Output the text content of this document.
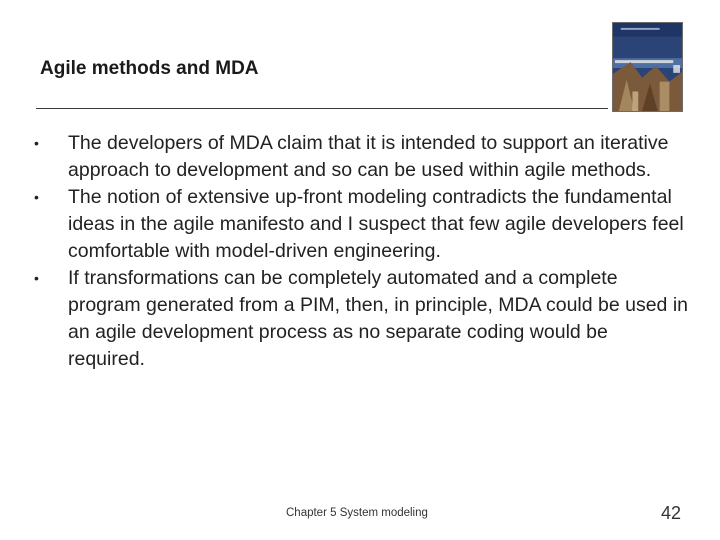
Agile methods and MDA
• The developers of MDA claim that it is intended to support an iterative approach to development and so can be used within agile methods.
• The notion of extensive up-front modeling contradicts the fundamental ideas in the agile manifesto and I suspect that few agile developers feel comfortable with model-driven engineering.
• If transformations can be completely automated and a complete program generated from a PIM, then, in principle, MDA could be used in an agile development process as no separate coding would be required.
Chapter 5 System modeling	42
